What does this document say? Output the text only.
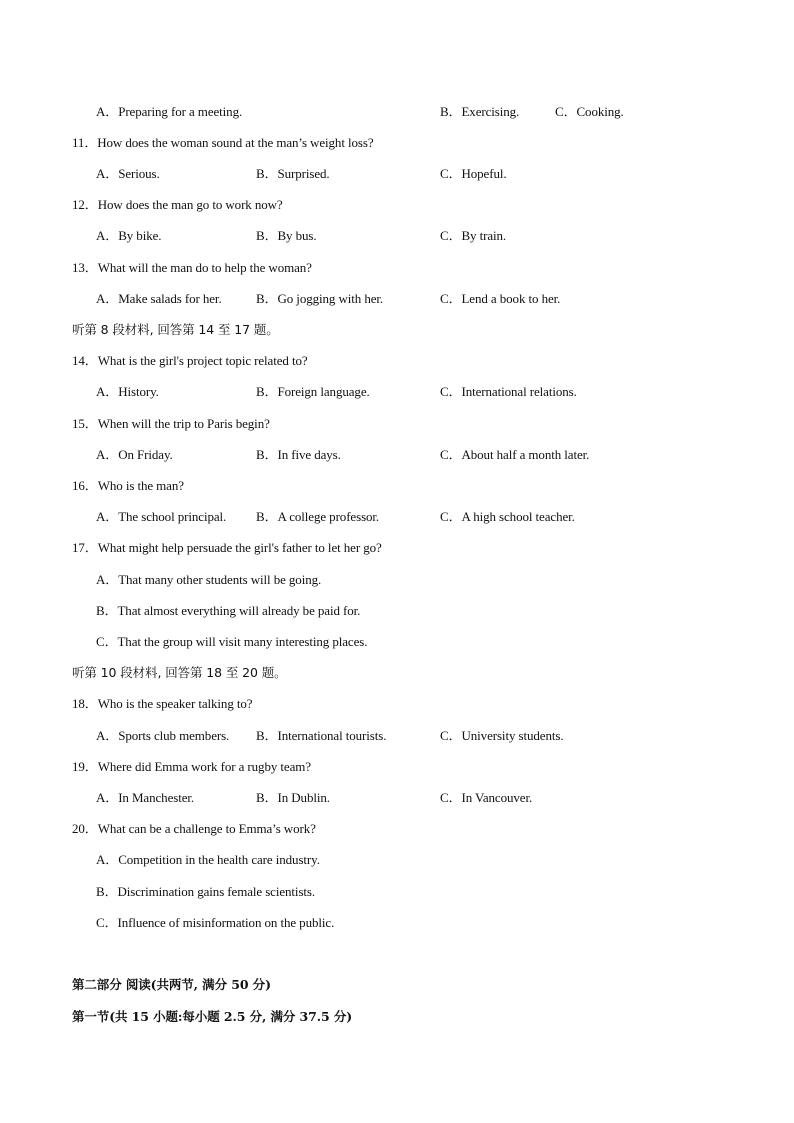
A．Preparing for a meeting.	B．Exercising.	C．Cooking.
11．How does the woman sound at the man’s weight loss?
A．Serious.	B．Surprised.	C．Hopeful.
12．How does the man go to work now?
A．By bike.	B．By bus.	C．By train.
13．What will the man do to help the woman?
A．Make salads for her.	B．Go jogging with her.	C．Lend a book to her.
听第 8 段材料, 回答第 14 至 17 题。
14．What is the girl's project topic related to?
A．History.	B．Foreign language.	C．International relations.
15．When will the trip to Paris begin?
A．On Friday.	B．In five days.	C．About half a month later.
16．Who is the man?
A．The school principal. B．A college professor.	C．A high school teacher.
17．What might help persuade the girl's father to let her go?
A．That many other students will be going.
B．That almost everything will already be paid for.
C．That the group will visit many interesting places.
听第 10 段材料, 回答第 18 至 20 题。
18．Who is the speaker talking to?
A．Sports club members. B．International tourists.	C．University students.
19．Where did Emma work for a rugby team?
A．In Manchester.	B．In Dublin.	C．In Vancouver.
20．What can be a challenge to Emma’s work?
A．Competition in the health care industry.
B．Discrimination gains female scientists.
C．Influence of misinformation on the public.
第二部分 阅读(共两节, 满分 50 分)
第一节(共 15 小题:每小题 2.5 分, 满分 37.5 分)
